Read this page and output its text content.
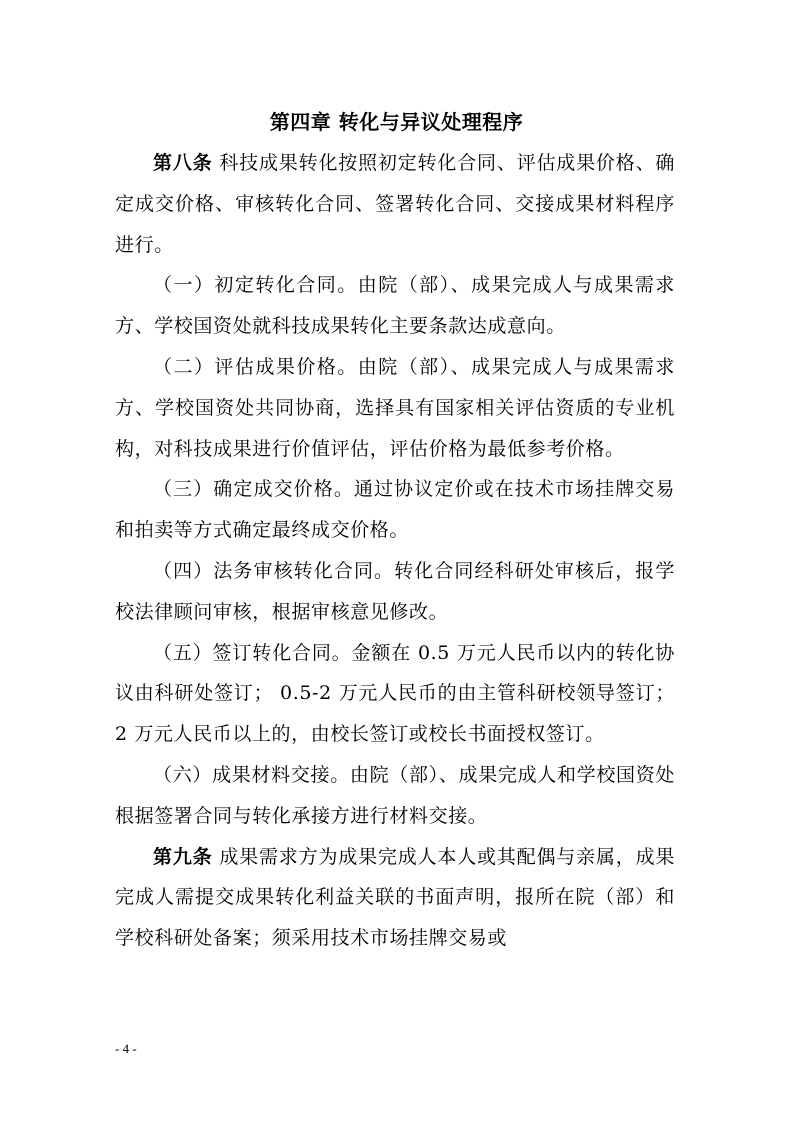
第四章 转化与异议处理程序

第八条 科技成果转化按照初定转化合同、评估成果价格、确定成交价格、审核转化合同、签署转化合同、交接成果材料程序进行。

（一）初定转化合同。由院（部）、成果完成人与成果需求方、学校国资处就科技成果转化主要条款达成意向。

（二）评估成果价格。由院（部）、成果完成人与成果需求方、学校国资处共同协商，选择具有国家相关评估资质的专业机构，对科技成果进行价值评估，评估价格为最低参考价格。

（三）确定成交价格。通过协议定价或在技术市场挂牌交易和拍卖等方式确定最终成交价格。

（四）法务审核转化合同。转化合同经科研处审核后，报学校法律顾问审核，根据审核意见修改。

（五）签订转化合同。金额在 0.5 万元人民币以内的转化协议由科研处签订； 0.5-2 万元人民币的由主管科研校领导签订； 2 万元人民币以上的，由校长签订或校长书面授权签订。

（六）成果材料交接。由院（部）、成果完成人和学校国资处根据签署合同与转化承接方进行材料交接。

第九条 成果需求方为成果完成人本人或其配偶与亲属，成果完成人需提交成果转化利益关联的书面声明，报所在院（部）和学校科研处备案；须采用技术市场挂牌交易或

- 4 -
